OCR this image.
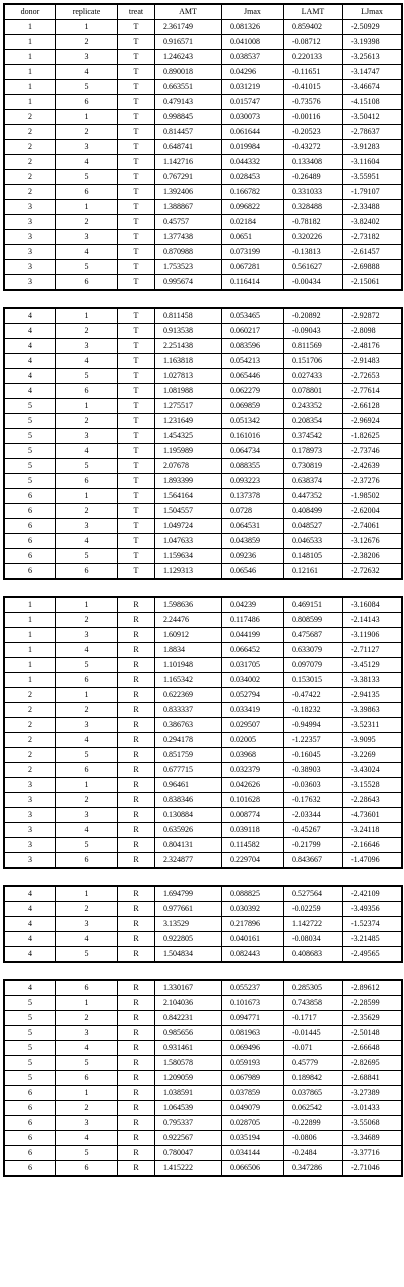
donor	replicate	treat	AMT	Jmax	LAMT	LJmax
1	1	T	2.361749	0.081326	0.859402	-2.50929
1	2	T	0.916571	0.041008	-0.08712	-3.19398
1	3	T	1.246243	0.038537	0.220133	-3.25613
1	4	T	0.890018	0.04296	-0.11651	-3.14747
1	5	T	0.663551	0.031219	-0.41015	-3.46674
1	6	T	0.479143	0.015747	-0.73576	-4.15108
2	1	T	0.998845	0.030073	-0.00116	-3.50412
2	2	T	0.814457	0.061644	-0.20523	-2.78637
2	3	T	0.648741	0.019984	-0.43272	-3.91283
2	4	T	1.142716	0.044332	0.133408	-3.11604
2	5	T	0.767291	0.028453	-0.26489	-3.55951
2	6	T	1.392406	0.166782	0.331033	-1.79107
3	1	T	1.388867	0.096822	0.328488	-2.33488
3	2	T	0.45757	0.02184	-0.78182	-3.82402
3	3	T	1.377438	0.0651	0.320226	-2.73182
3	4	T	0.870988	0.073199	-0.13813	-2.61457
3	5	T	1.753523	0.067281	0.561627	-2.69888
3	6	T	0.995674	0.116414	-0.00434	-2.15061
4	1	T	0.811458	0.053465	-0.20892	-2.92872
4	2	T	0.913538	0.060217	-0.09043	-2.8098
4	3	T	2.251438	0.083596	0.811569	-2.48176
4	4	T	1.163818	0.054213	0.151706	-2.91483
4	5	T	1.027813	0.065446	0.027433	-2.72653
4	6	T	1.081988	0.062279	0.078801	-2.77614
5	1	T	1.275517	0.069859	0.243352	-2.66128
5	2	T	1.231649	0.051342	0.208354	-2.96924
5	3	T	1.454325	0.161016	0.374542	-1.82625
5	4	T	1.195989	0.064734	0.178973	-2.73746
5	5	T	2.07678	0.088355	0.730819	-2.42639
5	6	T	1.893399	0.093223	0.638374	-2.37276
6	1	T	1.564164	0.137378	0.447352	-1.98502
6	2	T	1.504557	0.0728	0.408499	-2.62004
6	3	T	1.049724	0.064531	0.048527	-2.74061
6	4	T	1.047633	0.043859	0.046533	-3.12676
6	5	T	1.159634	0.09236	0.148105	-2.38206
6	6	T	1.129313	0.06546	0.12161	-2.72632
1	1	R	1.598636	0.04239	0.469151	-3.16084
1	2	R	2.24476	0.117486	0.808599	-2.14143
1	3	R	1.60912	0.044199	0.475687	-3.11906
1	4	R	1.8834	0.066452	0.633079	-2.71127
1	5	R	1.101948	0.031705	0.097079	-3.45129
1	6	R	1.165342	0.034002	0.153015	-3.38133
2	1	R	0.622369	0.052794	-0.47422	-2.94135
2	2	R	0.833337	0.033419	-0.18232	-3.39863
2	3	R	0.386763	0.029507	-0.94994	-3.52311
2	4	R	0.294178	0.02005	-1.22357	-3.9095
2	5	R	0.851759	0.03968	-0.16045	-3.2269
2	6	R	0.677715	0.032379	-0.38903	-3.43024
3	1	R	0.96461	0.042626	-0.03603	-3.15528
3	2	R	0.838346	0.101628	-0.17632	-2.28643
3	3	R	0.130884	0.008774	-2.03344	-4.73601
3	4	R	0.635926	0.039118	-0.45267	-3.24118
3	5	R	0.804131	0.114582	-0.21799	-2.16646
3	6	R	2.324877	0.229704	0.843667	-1.47096
4	1	R	1.694799	0.088825	0.527564	-2.42109
4	2	R	0.977661	0.030392	-0.02259	-3.49356
4	3	R	3.13529	0.217896	1.142722	-1.52374
4	4	R	0.922805	0.040161	-0.08034	-3.21485
4	5	R	1.504834	0.082443	0.408683	-2.49565
4	6	R	1.330167	0.055237	0.285305	-2.89612
5	1	R	2.104036	0.101673	0.743858	-2.28599
5	2	R	0.842231	0.094771	-0.1717	-2.35629
5	3	R	0.985656	0.081963	-0.01445	-2.50148
5	4	R	0.931461	0.069496	-0.071	-2.66648
5	5	R	1.580578	0.059193	0.45779	-2.82695
5	6	R	1.209059	0.067989	0.189842	-2.68841
6	1	R	1.038591	0.037859	0.037865	-3.27389
6	2	R	1.064539	0.049079	0.062542	-3.01433
6	3	R	0.795337	0.028705	-0.22899	-3.55068
6	4	R	0.922567	0.035194	-0.0806	-3.34689
6	5	R	0.780047	0.034144	-0.2484	-3.37716
6	6	R	1.415222	0.066506	0.347286	-2.71046
